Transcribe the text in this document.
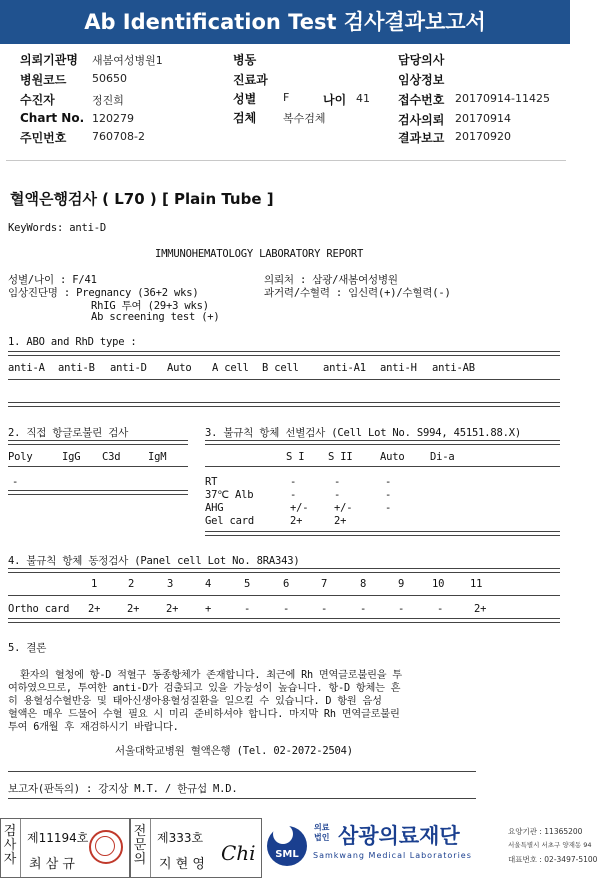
Ab Identification Test 검사결과보고서
의뢰기관명 새봄여성병원1
병원코드 50650
수진자	정진희
Chart No. 120279
주민번호 760708-2
병동
진료과
성별 F
검체 복수검체
담당의사
임상정보
접수번호 20170914-11425
검사의뢰 20170914
결과보고 20170920
나이 41
혈액은행검사 ( L70 ) [ Plain Tube ]
KeyWords: anti-D
IMMUNOHEMATOLOGY LABORATORY REPORT
성별/나이 : F/41
임상진단명 : Pregnancy (36+2 wks)
RhIG 투여 (29+3 wks)
Ab screening test (+)
의뢰처 : 삼광/새봄여성병원
과거력/수혈력 : 임신력(+)/수혈력(-)
1. ABO and RhD type :
anti-A anti-B anti-D Auto A cell B cell anti-A1 anti-H anti-AB
2. 직접 항글로불린 검사
Poly	IgG C3d	IgM
-
3. 불규칙 항체 선별검사 (Cell Lot No. S994, 45151.88.X)
S I S II	Auto Di-a
RT	-	-	-
37℃ Alb	-	-	-
AHG	+/- +/-	-
Gel card	2+	2+
4. 불규칙 항체 동정검사 (Panel cell Lot No. 8RA343)
1	2	3	4	5	6	7	8	9	10 11
Ortho card 2+	2+	2+	+	-	-	-	-	-	-	2+
5. 결론
환자의 혈청에 항-D 적혈구 동종항체가 존재합니다. 최근에 Rh 면역글로불린을 투
여하였으므로, 투여한 anti-D가 검출되고 있을 가능성이 높습니다. 항-D 항체는 흔
히 용혈성수혈반응 및 태아신생아용혈성질환을 일으킬 수 있습니다. D 항원 음성
혈액은 매우 드물어 수혈 필요 시 미리 준비하셔야 합니다. 마지막 Rh 면역글로불린
투여 6개월 후 재검하시기 바랍니다.
서울대학교병원 혈액은행 (Tel. 02-2072-2504)
보고자(판독의) : 강지상 M.T. / 한규섭 M.D.
검사자
제11194호
최 삼 규
전문의
제333호
지 현 영 Chi	SML
의료법인 삼광의료재단
Samkwang Medical Laboratories
요양기관 : 11365200
서울특별시 서초구 양재동 94
대표번호 : 02-3497-5100
